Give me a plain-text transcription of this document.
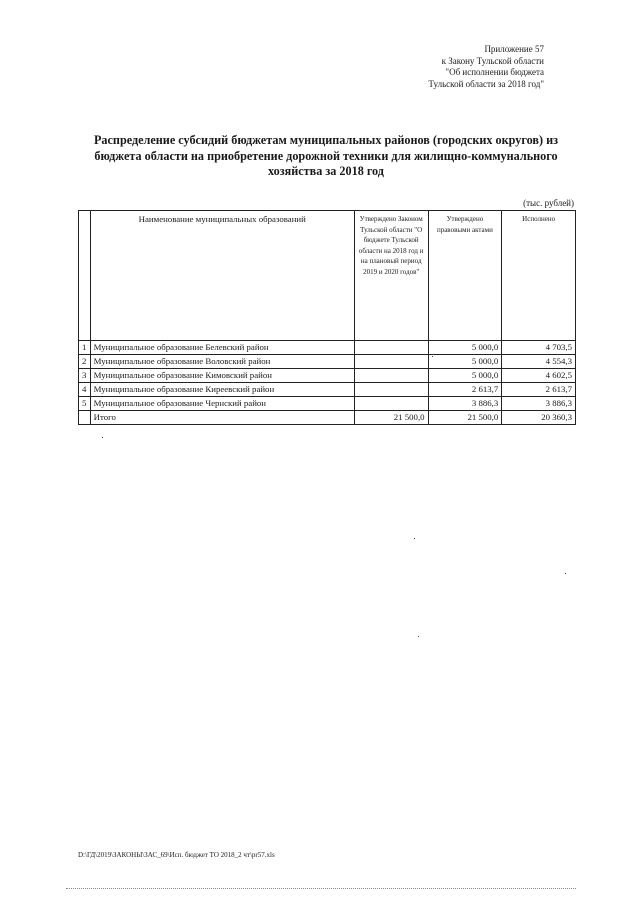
Приложение 57
к Закону Тульской области
"Об исполнении бюджета
Тульской области за 2018 год"
Распределение субсидий бюджетам муниципальных районов (городских округов) из бюджета области на приобретение дорожной техники для жилищно-коммунального хозяйства за 2018 год
(тыс. рублей)
	Наименование муниципальных образований	Утверждено Законом Тульской области "О бюджете Тульской области на 2018 год и на плановый период 2019 и 2020 годов"	Утверждено правовыми актами	Исполнено
1	Муниципальное образование Белевский район		5 000,0	4 703,5
2	Муниципальное образование Воловский район		5 000,0	4 554,3
3	Муниципальное образование Кимовский район		5 000,0	4 602,5
4	Муниципальное образование Киреевский район		2 613,7	2 613,7
5	Муниципальное образование Чернский район		3 886,3	3 886,3
	Итого	21 500,0	21 500,0	20 360,3
D:\ГД\2019\ЗАКОНЫ\ЗАС_69\Исп. бюджет ТО 2018_2 чт\pr57.xls
